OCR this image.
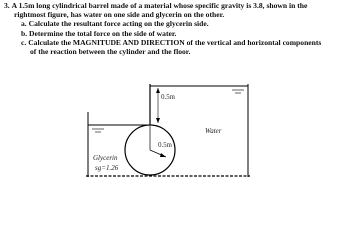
3. A 1.5m long cylindrical barrel made of a material whose specific gravity is 3.8, shown in the
rightmost figure, has water on one side and glycerin on the other.
a. Calculate the resultant force acting on the glycerin side.
b. Determine the total force on the side of water.
c. Calculate the MAGNITUDE AND DIRECTION of the vertical and horizontal components
of the reaction between the cylinder and the floor.
0.5m
0.5m
Water
Glycerin
sg=1.26
